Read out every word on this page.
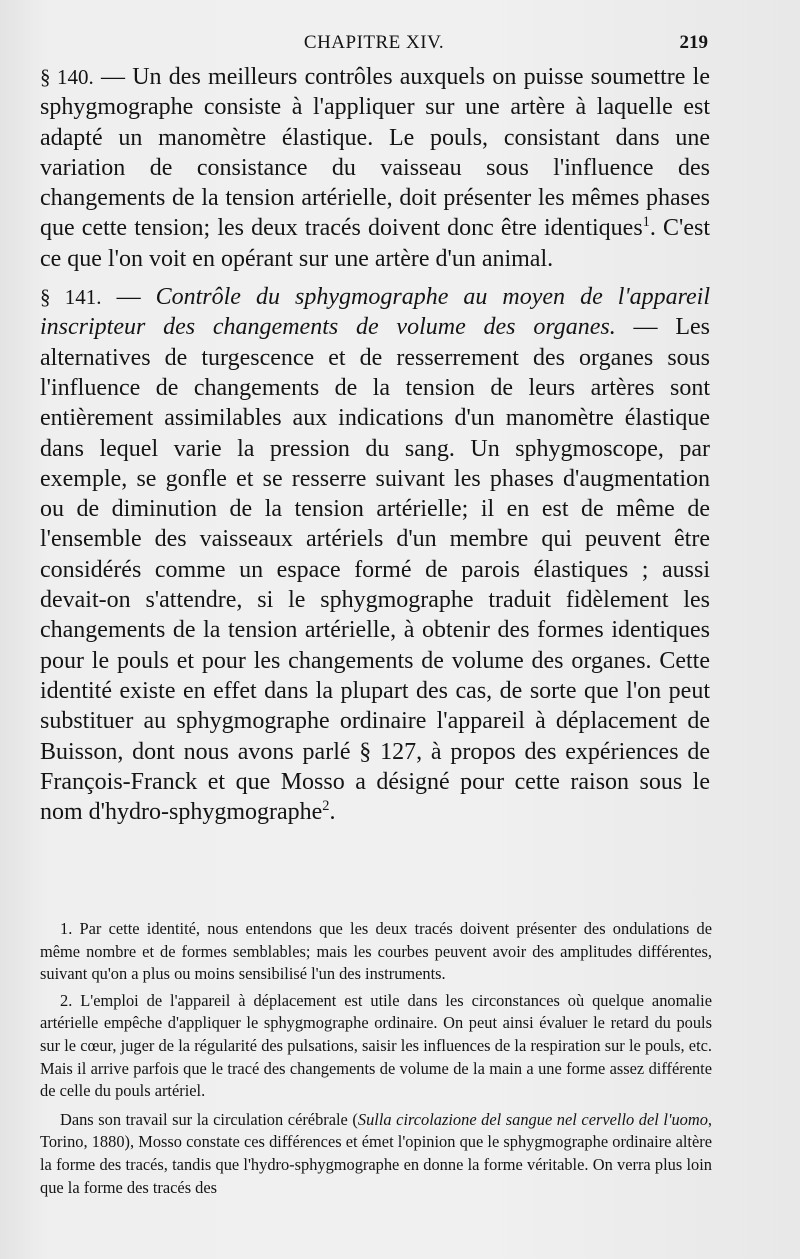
CHAPITRE XIV.	219

§ 140. — Un des meilleurs contrôles auxquels on puisse soumettre le sphygmographe consiste à l'appliquer sur une artère à laquelle est adapté un manomètre élastique. Le pouls, consistant dans une variation de consistance du vaisseau sous l'influence des changements de la tension artérielle, doit présenter les mêmes phases que cette tension; les deux tracés doivent donc être identiques$^1$. C'est ce que l'on voit en opérant sur une artère d'un animal.

§ 141. — Contrôle du sphygmographe au moyen de l'appareil inscripteur des changements de volume des organes. — Les alternatives de turgescence et de resserrement des organes sous l'influence de changements de la tension de leurs artères sont entièrement assimilables aux indications d'un manomètre élastique dans lequel varie la pression du sang. Un sphygmoscope, par exemple, se gonfle et se resserre suivant les phases d'augmentation ou de diminution de la tension artérielle; il en est de même de l'ensemble des vaisseaux artériels d'un membre qui peuvent être considérés comme un espace formé de parois élastiques ; aussi devait-on s'attendre, si le sphygmographe traduit fidèlement les changements de la tension artérielle, à obtenir des formes identiques pour le pouls et pour les changements de volume des organes. Cette identité existe en effet dans la plupart des cas, de sorte que l'on peut substituer au sphygmographe ordinaire l'appareil à déplacement de Buisson, dont nous avons parlé § 127, à propos des expériences de François-Franck et que Mosso a désigné pour cette raison sous le nom d'hydro-sphygmographe$^2$.

1. Par cette identité, nous entendons que les deux tracés doivent présenter des ondulations de même nombre et de formes semblables; mais les courbes peuvent avoir des amplitudes différentes, suivant qu'on a plus ou moins sensibilisé l'un des instruments.

2. L'emploi de l'appareil à déplacement est utile dans les circonstances où quelque anomalie artérielle empêche d'appliquer le sphygmographe ordinaire. On peut ainsi évaluer le retard du pouls sur le cœur, juger de la régularité des pulsations, saisir les influences de la respiration sur le pouls, etc. Mais il arrive parfois que le tracé des changements de volume de la main a une forme assez différente de celle du pouls artériel.

Dans son travail sur la circulation cérébrale (Sulla circolazione del sangue nel cervello del l'uomo, Torino, 1880), Mosso constate ces différences et émet l'opinion que le sphygmographe ordinaire altère la forme des tracés, tandis que l'hydro-sphygmographe en donne la forme véritable. On verra plus loin que la forme des tracés des
